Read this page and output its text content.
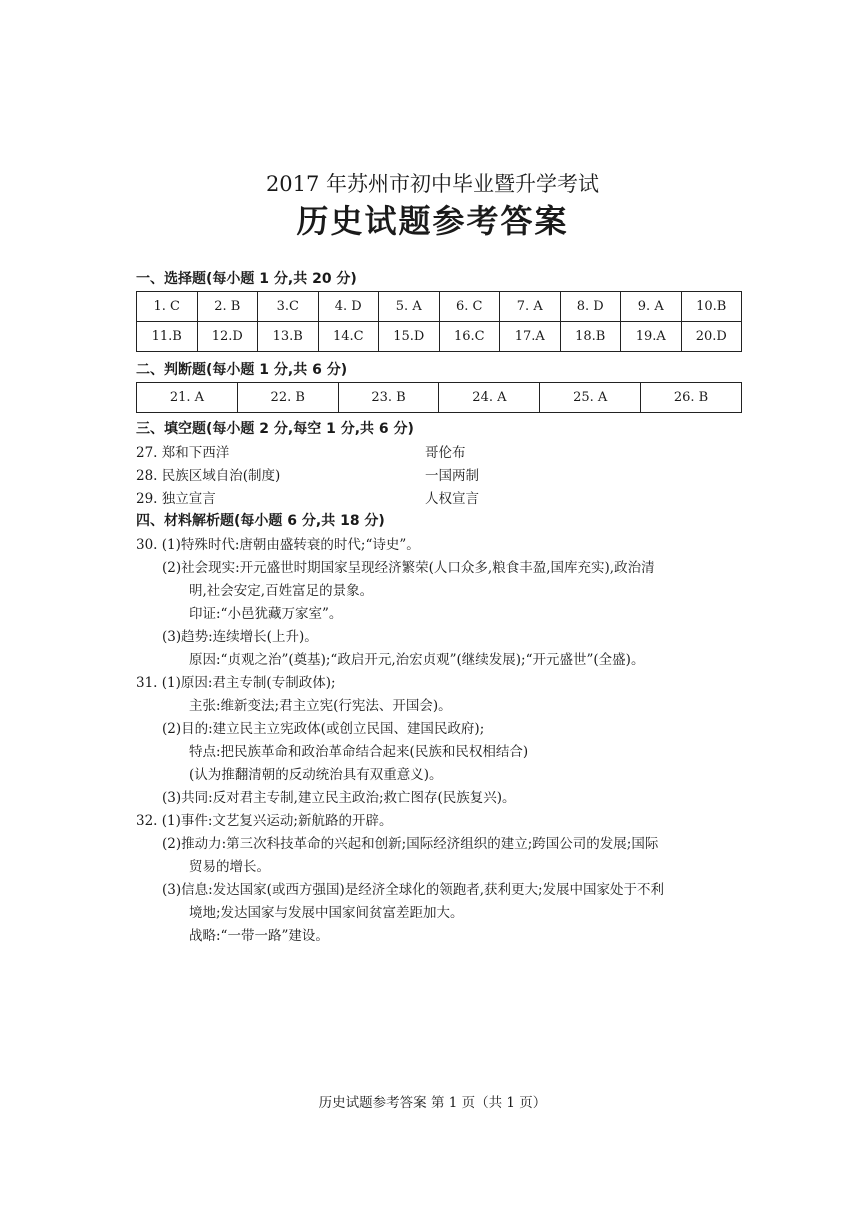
2017 年苏州市初中毕业暨升学考试
历史试题参考答案
一、选择题(每小题 1 分,共 20 分)
1. C	2. B	3.C	4. D	5. A	6. C	7. A	8. D	9. A	10.B
11.B	12.D	13.B	14.C	15.D	16.C	17.A	18.B	19.A	20.D
二、判断题(每小题 1 分,共 6 分)
21. A	22. B	23. B	24. A	25. A	26. B
三、填空题(每小题 2 分,每空 1 分,共 6 分)
27. 郑和下西洋	哥伦布
28. 民族区域自治(制度)	一国两制
29. 独立宣言	人权宣言
四、材料解析题(每小题 6 分,共 18 分)
30. (1)特殊时代:唐朝由盛转衰的时代;“诗史”。
(2)社会现实:开元盛世时期国家呈现经济繁荣(人口众多,粮食丰盈,国库充实),政治清
明,社会安定,百姓富足的景象。
印证:“小邑犹藏万家室”。
(3)趋势:连续增长(上升)。
原因:“贞观之治”(奠基);“政启开元,治宏贞观”(继续发展);“开元盛世”(全盛)。
31. (1)原因:君主专制(专制政体);
主张:维新变法;君主立宪(行宪法、开国会)。
(2)目的:建立民主立宪政体(或创立民国、建国民政府);
特点:把民族革命和政治革命结合起来(民族和民权相结合)
(认为推翻清朝的反动统治具有双重意义)。
(3)共同:反对君主专制,建立民主政治;救亡图存(民族复兴)。
32. (1)事件:文艺复兴运动;新航路的开辟。
(2)推动力:第三次科技革命的兴起和创新;国际经济组织的建立;跨国公司的发展;国际
贸易的增长。
(3)信息:发达国家(或西方强国)是经济全球化的领跑者,获利更大;发展中国家处于不利
境地;发达国家与发展中国家间贫富差距加大。
战略:“一带一路”建设。
历史试题参考答案 第 1 页（共 1 页）
